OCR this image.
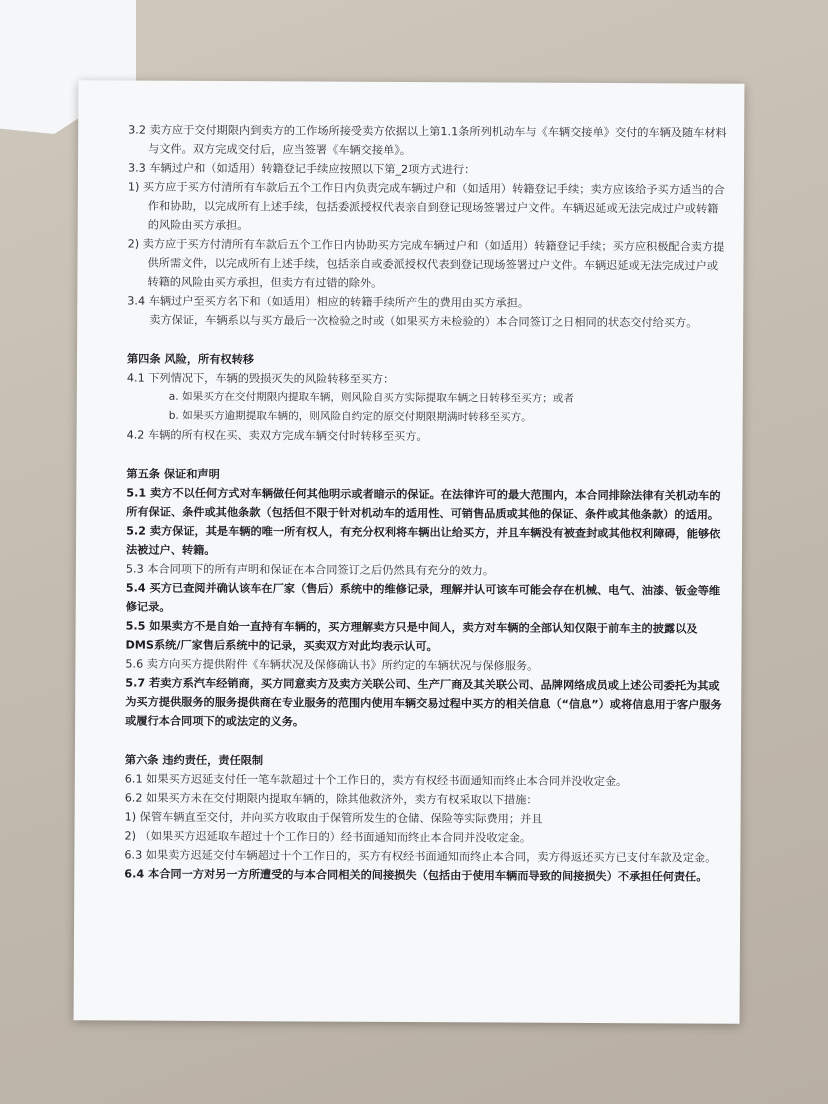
3.2 卖方应于交付期限内到卖方的工作场所接受卖方依据以上第1.1条所列机动车与《车辆交接单》交付的车辆及随车材料与文件。双方完成交付后，应当签署《车辆交接单》。

3.3 车辆过户和（如适用）转籍登记手续应按照以下第_2项方式进行：

1) 买方应于买方付清所有车款后五个工作日内负责完成车辆过户和（如适用）转籍登记手续；卖方应该给予买方适当的合作和协助，以完成所有上述手续，包括委派授权代表亲自到登记现场签署过户文件。车辆迟延或无法完成过户或转籍的风险由买方承担。

2) 卖方应于买方付清所有车款后五个工作日内协助买方完成车辆过户和（如适用）转籍登记手续；买方应积极配合卖方提供所需文件，以完成所有上述手续，包括亲自或委派授权代表到登记现场签署过户文件。车辆迟延或无法完成过户或转籍的风险由买方承担，但卖方有过错的除外。

3.4 车辆过户至买方名下和（如适用）相应的转籍手续所产生的费用由买方承担。

卖方保证，车辆系以与买方最后一次检验之时或（如果买方未检验的）本合同签订之日相同的状态交付给买方。

第四条 风险，所有权转移

4.1 下列情况下，车辆的毁损灭失的风险转移至买方：

a. 如果买方在交付期限内提取车辆，则风险自买方实际提取车辆之日转移至买方；或者

b. 如果买方逾期提取车辆的，则风险自约定的原交付期限期满时转移至买方。

4.2 车辆的所有权在买、卖双方完成车辆交付时转移至买方。

第五条 保证和声明

5.1 卖方不以任何方式对车辆做任何其他明示或者暗示的保证。在法律许可的最大范围内，本合同排除法律有关机动车的所有保证、条件或其他条款（包括但不限于针对机动车的适用性、可销售品质或其他的保证、条件或其他条款）的适用。

5.2 卖方保证，其是车辆的唯一所有权人，有充分权利将车辆出让给买方，并且车辆没有被查封或其他权利障碍，能够依法被过户、转籍。

5.3 本合同项下的所有声明和保证在本合同签订之后仍然具有充分的效力。

5.4 买方已查阅并确认该车在厂家（售后）系统中的维修记录，理解并认可该车可能会存在机械、电气、油漆、钣金等维修记录。

5.5 如果卖方不是自始一直持有车辆的，买方理解卖方只是中间人，卖方对车辆的全部认知仅限于前车主的披露以及DMS系统/厂家售后系统中的记录，买卖双方对此均表示认可。

5.6 卖方向买方提供附件《车辆状况及保修确认书》所约定的车辆状况与保修服务。

5.7 若卖方系汽车经销商，买方同意卖方及卖方关联公司、生产厂商及其关联公司、品牌网络成员或上述公司委托为其或为买方提供服务的服务提供商在专业服务的范围内使用车辆交易过程中买方的相关信息（“信息”）或将信息用于客户服务或履行本合同项下的或法定的义务。

第六条 违约责任，责任限制

6.1 如果买方迟延支付任一笔车款超过十个工作日的，卖方有权经书面通知而终止本合同并没收定金。

6.2 如果买方未在交付期限内提取车辆的，除其他救济外，卖方有权采取以下措施：

1) 保管车辆直至交付，并向买方收取由于保管所发生的仓储、保险等实际费用；并且

2) （如果买方迟延取车超过十个工作日的）经书面通知而终止本合同并没收定金。

6.3 如果卖方迟延交付车辆超过十个工作日的，买方有权经书面通知而终止本合同，卖方得返还买方已支付车款及定金。

6.4 本合同一方对另一方所遭受的与本合同相关的间接损失（包括由于使用车辆而导致的间接损失）不承担任何责任。
